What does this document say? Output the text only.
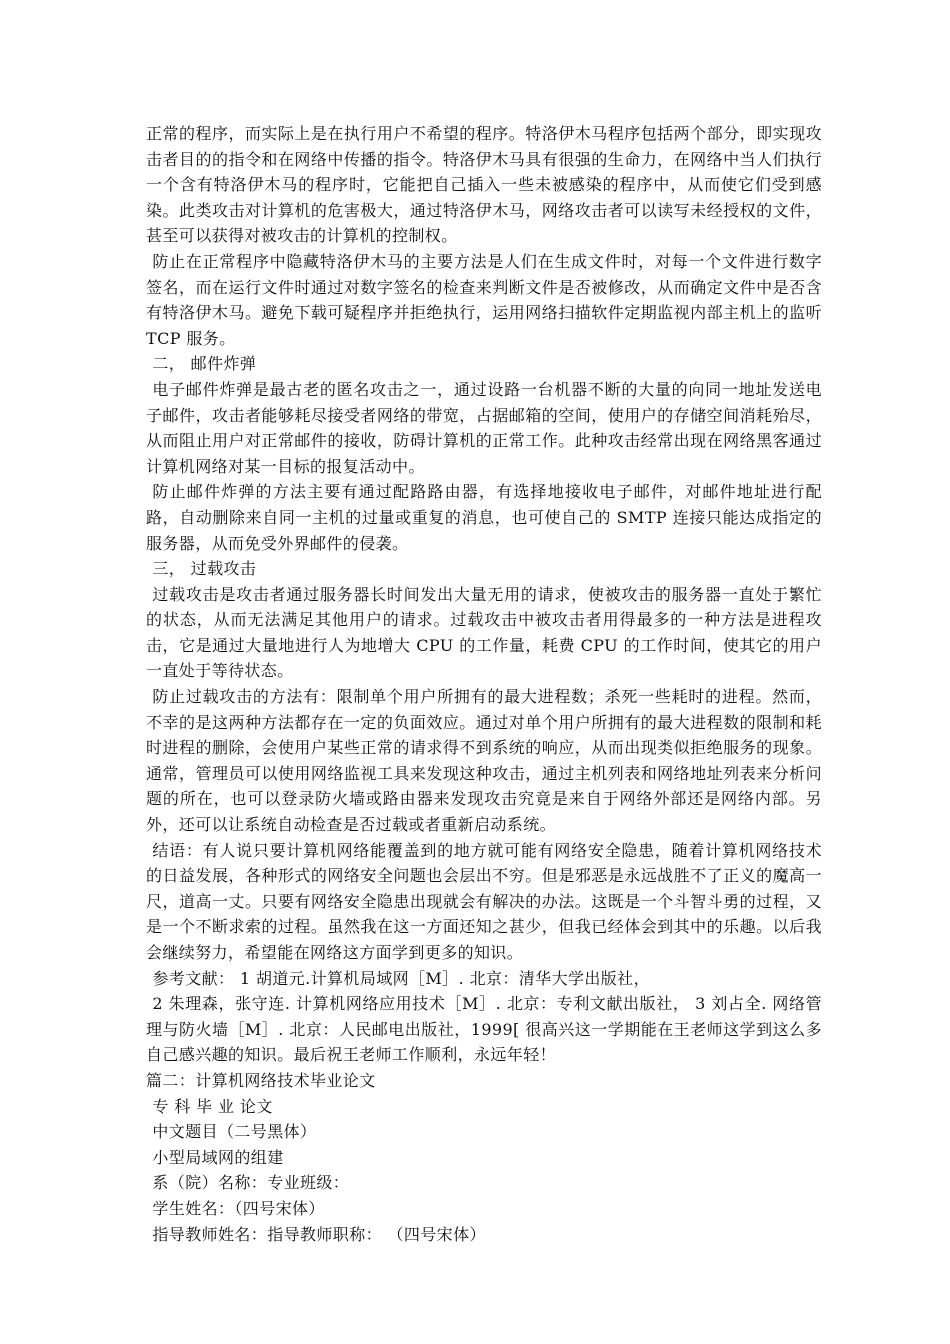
正常的程序，而实际上是在执行用户不希望的程序。特洛伊木马程序包括两个部分，即实现攻击者目的的指令和在网络中传播的指令。特洛伊木马具有很强的生命力，在网络中当人们执行一个含有特洛伊木马的程序时，它能把自己插入一些未被感染的程序中，从而使它们受到感染。此类攻击对计算机的危害极大，通过特洛伊木马，网络攻击者可以读写未经授权的文件，甚至可以获得对被攻击的计算机的控制权。

防止在正常程序中隐藏特洛伊木马的主要方法是人们在生成文件时，对每一个文件进行数字签名，而在运行文件时通过对数字签名的检查来判断文件是否被修改，从而确定文件中是否含有特洛伊木马。避免下载可疑程序并拒绝执行，运用网络扫描软件定期监视内部主机上的监听 TCP 服务。

二， 邮件炸弹

电子邮件炸弹是最古老的匿名攻击之一，通过设路一台机器不断的大量的向同一地址发送电子邮件，攻击者能够耗尽接受者网络的带宽，占据邮箱的空间，使用户的存储空间消耗殆尽，从而阻止用户对正常邮件的接收，防碍计算机的正常工作。此种攻击经常出现在网络黑客通过计算机网络对某一目标的报复活动中。

防止邮件炸弹的方法主要有通过配路路由器，有选择地接收电子邮件，对邮件地址进行配路，自动删除来自同一主机的过量或重复的消息，也可使自己的 SMTP 连接只能达成指定的服务器，从而免受外界邮件的侵袭。

三， 过载攻击

过载攻击是攻击者通过服务器长时间发出大量无用的请求，使被攻击的服务器一直处于繁忙的状态，从而无法满足其他用户的请求。过载攻击中被攻击者用得最多的一种方法是进程攻击，它是通过大量地进行人为地增大 CPU 的工作量，耗费 CPU 的工作时间，使其它的用户一直处于等待状态。

防止过载攻击的方法有：限制单个用户所拥有的最大进程数；杀死一些耗时的进程。然而，不幸的是这两种方法都存在一定的负面效应。通过对单个用户所拥有的最大进程数的限制和耗时进程的删除，会使用户某些正常的请求得不到系统的响应，从而出现类似拒绝服务的现象。通常，管理员可以使用网络监视工具来发现这种攻击，通过主机列表和网络地址列表来分析问题的所在，也可以登录防火墙或路由器来发现攻击究竟是来自于网络外部还是网络内部。另外，还可以让系统自动检查是否过载或者重新启动系统。

结语：有人说只要计算机网络能覆盖到的地方就可能有网络安全隐患，随着计算机网络技术的日益发展，各种形式的网络安全问题也会层出不穷。但是邪恶是永远战胜不了正义的魔高一尺，道高一丈。只要有网络安全隐患出现就会有解决的办法。这既是一个斗智斗勇的过程，又是一个不断求索的过程。虽然我在这一方面还知之甚少，但我已经体会到其中的乐趣。以后我会继续努力，希望能在网络这方面学到更多的知识。

参考文献： 1 胡道元.计算机局域网［M］. 北京：清华大学出版社，

2 朱理森，张守连. 计算机网络应用技术［M］. 北京：专利文献出版社， 3 刘占全. 网络管理与防火墙［M］. 北京：人民邮电出版社，1999[ 很高兴这一学期能在王老师这学到这么多自己感兴趣的知识。最后祝王老师工作顺利，永远年轻！

篇二：计算机网络技术毕业论文

专 科 毕 业 论文

中文题目（二号黑体）

小型局域网的组建

系（院）名称：专业班级：

学生姓名：（四号宋体）

指导教师姓名：指导教师职称： （四号宋体）
